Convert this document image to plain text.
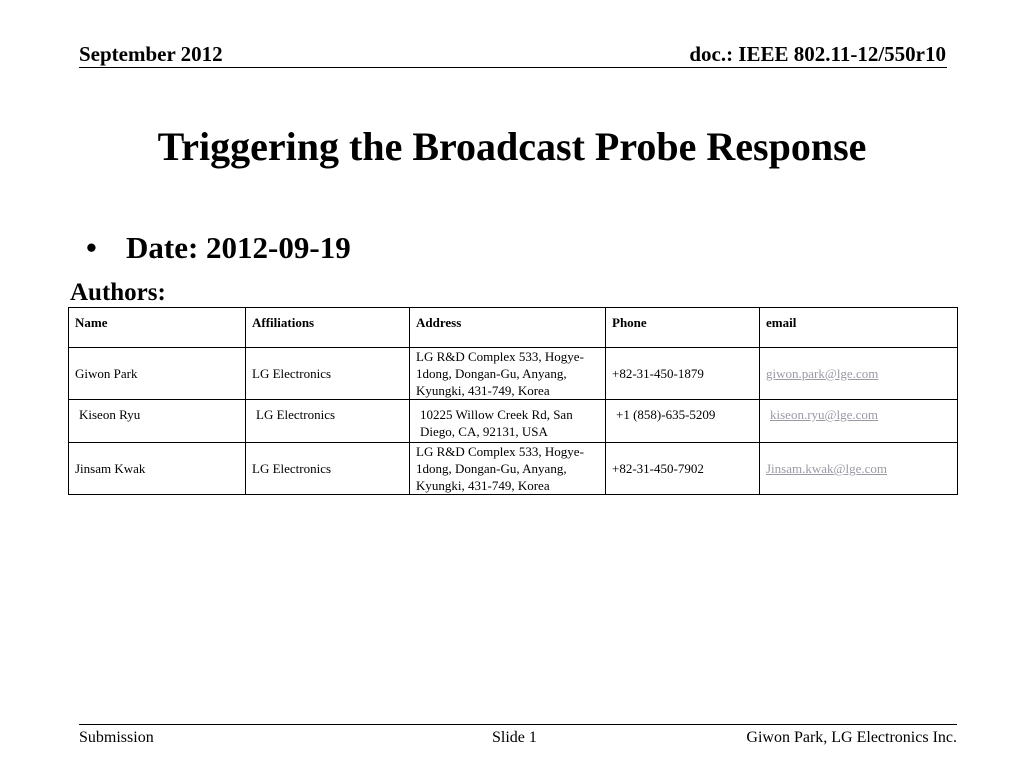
September 2012	doc.: IEEE 802.11-12/550r10
Triggering the Broadcast Probe Response
• Date: 2012-09-19
Authors:
Name	Affiliations	Address	Phone	email
Giwon Park	LG Electronics	LG R&D Complex 533, Hogye-1dong, Dongan-Gu, Anyang, Kyungki, 431-749, Korea	+82-31-450-1879	giwon.park@lge.com
Kiseon Ryu	LG Electronics	10225 Willow Creek Rd, San Diego, CA, 92131, USA	+1 (858)-635-5209	kiseon.ryu@lge.com
Jinsam Kwak	LG Electronics	LG R&D Complex 533, Hogye-1dong, Dongan-Gu, Anyang, Kyungki, 431-749, Korea	+82-31-450-7902	Jinsam.kwak@lge.com
Submission	Slide 1	Giwon Park, LG Electronics Inc.
